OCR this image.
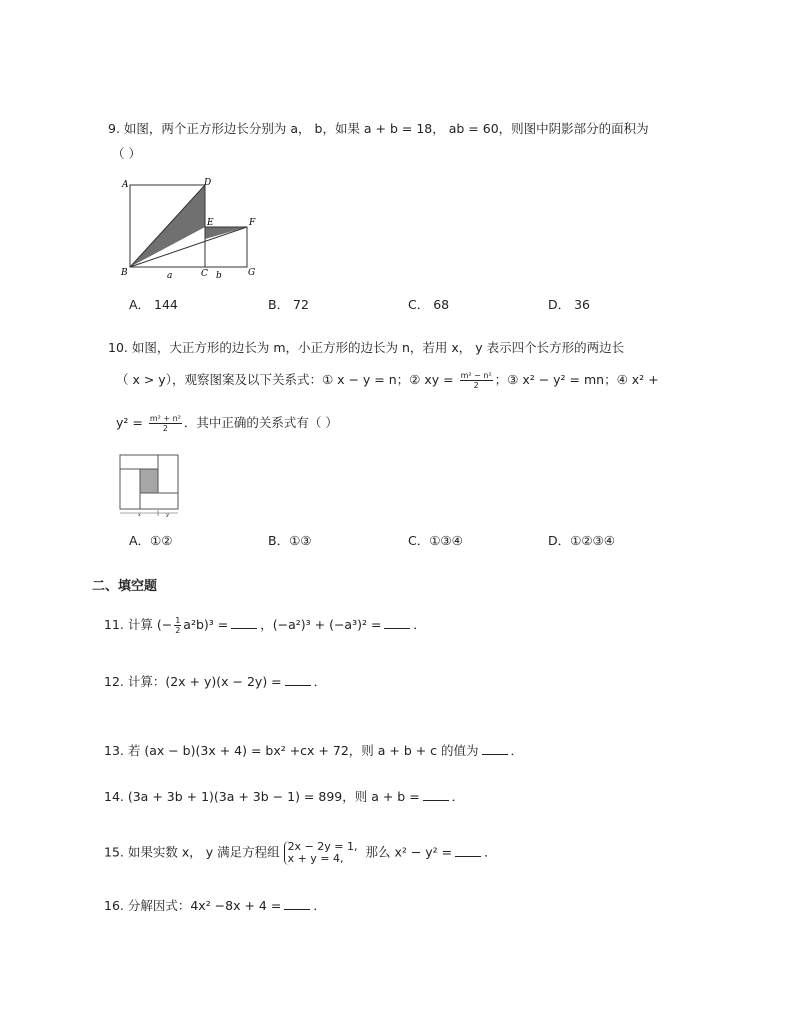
9. 如图，两个正方形边长分别为 a， b，如果 a + b = 18， ab = 60，则图中阴影部分的面积为
（ ）
A	D
E	F
B	C	G
a	b
A． 144	B． 72	C． 68	D． 36
10. 如图，大正方形的边长为 m，小正方形的边长为 n，若用 x， y 表示四个长方形的两边长
（ x > y），观察图案及以下关系式：① x − y = n；② xy = $\frac{\text{m² − n²}}{2}$ ；③ x² − y² = mn；④ x² +
$y^2 = \frac{\text{m² + n²}}{2}$ ．其中正确的关系式有（ ）
x	y
A．①②	B．①③	C．①③④	D．①②③④
二、填空题
11. 计算 (− $\frac{1}{2} a^2b)^3$ =	，(−a²)³ + (−a³)² =	．
12. 计算：(2x + y)(x − 2y) =	．
13. 若 (ax − b)(3x + 4) = bx² +cx + 72，则 a + b + c 的值为	．
14. (3a + 3b + 1)(3a + 3b − 1) = 899，则 a + b =	．
15. 如果实数 x， y 满足方程组 2x − 2y = 1,
x + y = 4,	那么 x² − y² =	．
16. 分解因式：4x² −8x + 4 =	．
